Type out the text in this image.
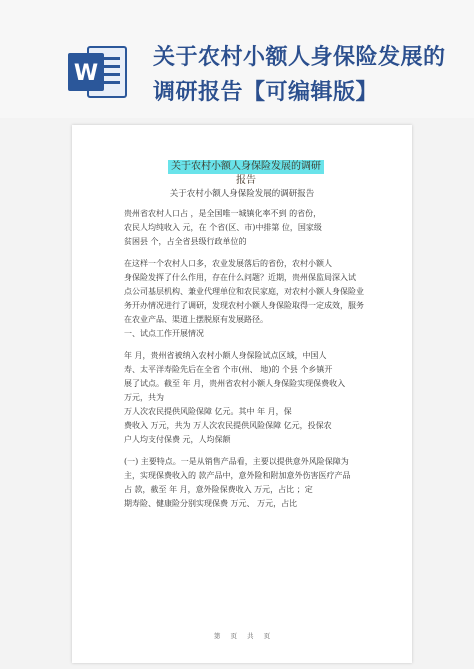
W
关于农村小额人身保险发展的
调研报告【可编辑版】
关于农村小额人身保险发展的调研报告
关于农村小额人身保险发展的调研报告

贵州省农村人口占 ，是全国唯一城镇化率不到 的省份，

农民人均纯收入 元，在 个省(区、市)中排第 位，国家级

贫困县 个，占全省县级行政单位的

在这样一个农村人口多，农业发展落后的省份，农村小额人

身保险发挥了什么作用，存在什么问题？近期，贵州保监局深入试

点公司基层机构、兼业代理单位和农民家庭，对农村小额人身保险业

务开办情况进行了调研，发现农村小额人身保险取得一定成效，服务

在农业产品、渠道上摆脱原有发展路径。

一、试点工作开展情况

年 月，贵州省被纳入农村小额人身保险试点区域，中国人

寿、太平洋寿险先后在全省 个市(州、 地)的 个县 个乡镇开

展了试点。截至 年 月，贵州省农村小额人身保险实现保费收入

万元，共为

万人次农民提供风险保障 亿元。其中 年 月，保

费收入 万元，共为 万人次农民提供风险保障 亿元，投保农

户人均支付保费 元，人均保额

(一) 主要特点。一是从销售产品看，主要以提供意外风险保障为

主，实现保费收入的 款产品中，意外险和附加意外伤害医疗产品

占 款，截至 年 月，意外险保费收入 万元，占比 ；定

期寿险、健康险分别实现保费 万元、 万元，占比

第 页 共 页
